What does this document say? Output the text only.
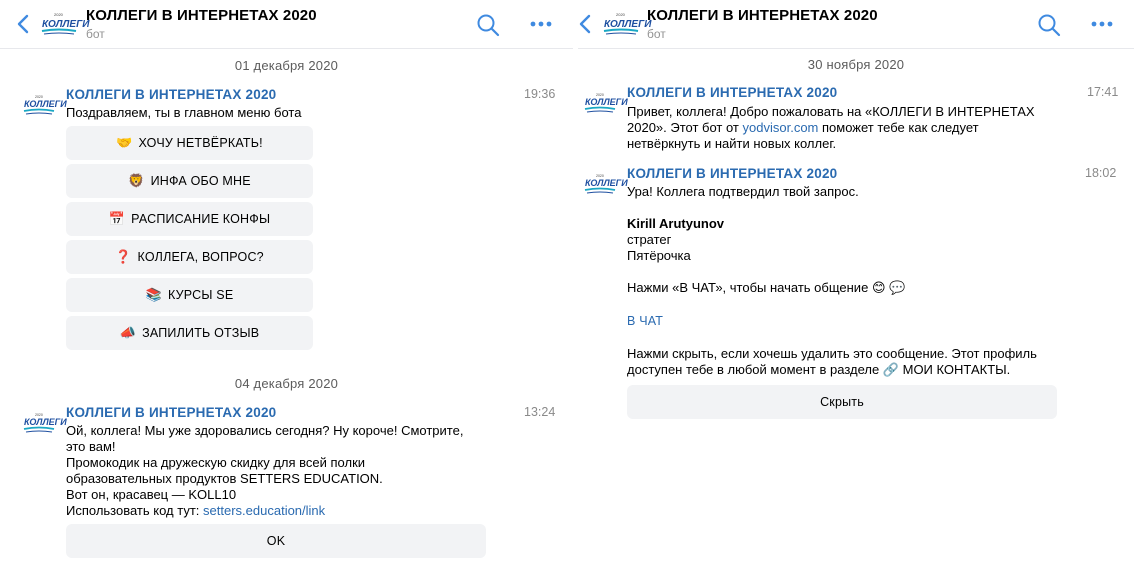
2020
КОЛЛЕГИ
КОЛЛЕГИ В ИНТЕРНЕТАХ 2020
бот
01 декабря 2020
2020
КОЛЛЕГИ
КОЛЛЕГИ В ИНТЕРНЕТАХ 2020	19:36
Поздравляем, ты в главном меню бота
🤝 ХОЧУ НЕТВЁРКАТЬ!
🦁 ИНФА ОБО МНЕ
📅 РАСПИСАНИЕ КОНФЫ
❓ КОЛЛЕГА, ВОПРОС?
📚 КУРСЫ SE
📣 ЗАПИЛИТЬ ОТЗЫВ
04 декабря 2020
2020
КОЛЛЕГИ
КОЛЛЕГИ В ИНТЕРНЕТАХ 2020	13:24
Ой, коллега! Мы уже здоровались сегодня? Ну короче! Смотрите,
это вам!
Промокодик на дружескую скидку для всей полки
образовательных продуктов SETTERS EDUCATION.
Вот он, красавец — KOLL10
Использовать код тут: setters.education/link
OK
2020
КОЛЛЕГИ
КОЛЛЕГИ В ИНТЕРНЕТАХ 2020
бот
30 ноября 2020
2020
КОЛЛЕГИ
КОЛЛЕГИ В ИНТЕРНЕТАХ 2020	17:41
Привет, коллега! Добро пожаловать на «КОЛЛЕГИ В ИНТЕРНЕТАХ
2020». Этот бот от yodvisor.com поможет тебе как следует
нетвёркнуть и найти новых коллег.
2020
КОЛЛЕГИ
КОЛЛЕГИ В ИНТЕРНЕТАХ 2020	18:02
Ура! Коллега подтвердил твой запрос.
Kirill Arutyunov
стратег
Пятёрочка
Нажми «В ЧАТ», чтобы начать общение 😊 💬
В ЧАТ
Нажми скрыть, если хочешь удалить это сообщение. Этот профиль
доступен тебе в любой момент в разделе 🔗 МОИ КОНТАКТЫ.
Скрыть
